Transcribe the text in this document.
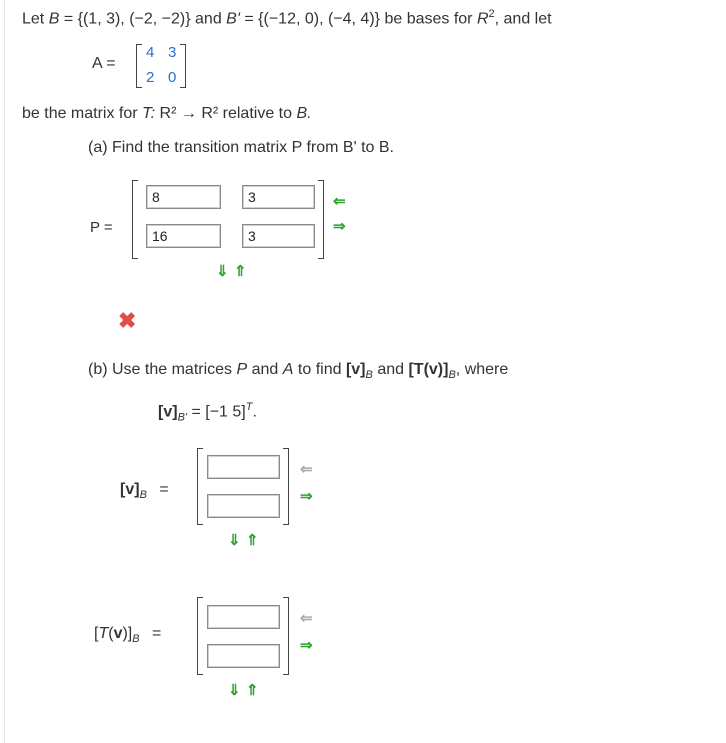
Let B = {(1, 3), (−2, −2)} and B' = {(−12, 0), (−4, 4)} be bases for $R^2$, and let
A =
4 3
2 0
be the matrix for T: R² → R² relative to B.
(a) Find the transition matrix P from B' to B.
P =
8
3
16
3
⇐
⇒
⇓ ⇑
✖
(b) Use the matrices P and A to find $[v]_B$ and $[T(v)]_B$, where
$[v]_{B'} = [-1$ 5]$^T$.
$[v]_B$ =
⇐
⇒
⇓ ⇑
$[T(v)]_B$ =
⇐
⇒
⇓ ⇑
